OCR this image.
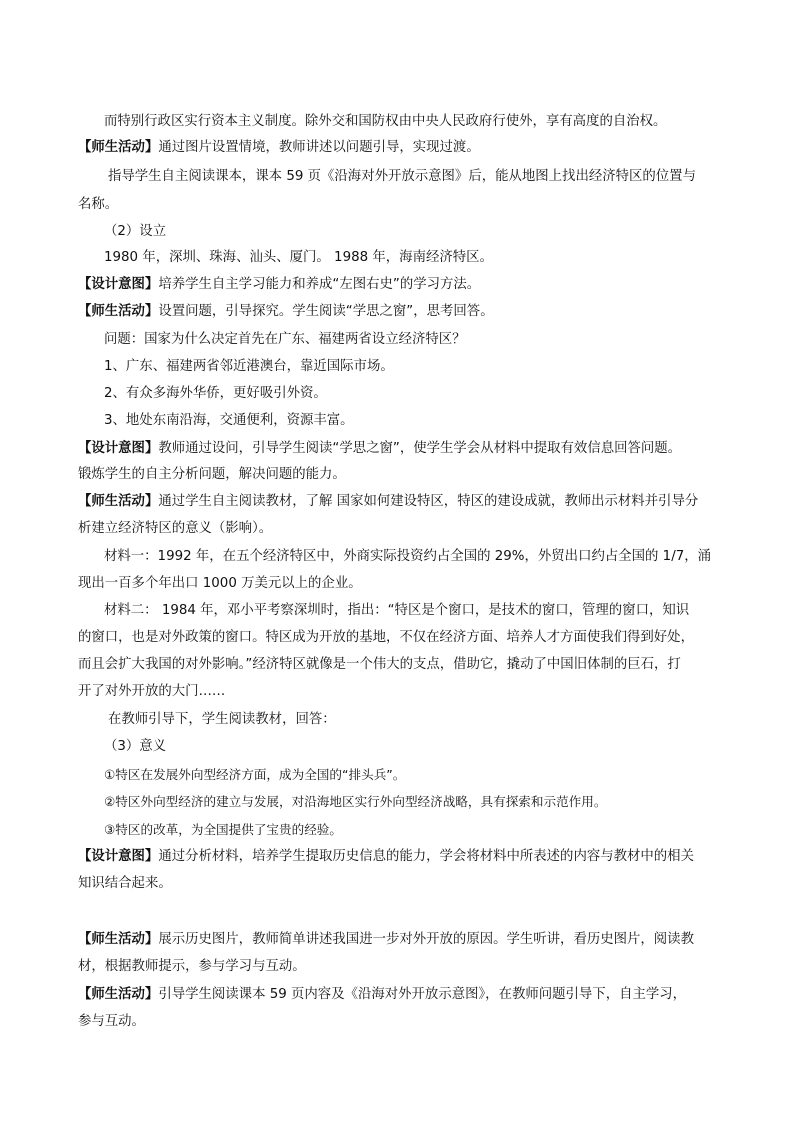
而特别行政区实行资本主义制度。除外交和国防权由中央人民政府行使外，享有高度的自治权。
【师生活动】通过图片设置情境，教师讲述以问题引导，实现过渡。
指导学生自主阅读课本，课本 59 页《沿海对外开放示意图》后，能从地图上找出经济特区的位置与
名称。
（2）设立
1980 年，深圳、珠海、汕头、厦门。 1988 年，海南经济特区。
【设计意图】培养学生自主学习能力和养成“左图右史”的学习方法。
【师生活动】设置问题，引导探究。学生阅读“学思之窗”，思考回答。
问题：国家为什么决定首先在广东、福建两省设立经济特区？
1、广东、福建两省邻近港澳台，靠近国际市场。
2、有众多海外华侨，更好吸引外资。
3、地处东南沿海，交通便利，资源丰富。
【设计意图】教师通过设问，引导学生阅读“学思之窗”，使学生学会从材料中提取有效信息回答问题。
锻炼学生的自主分析问题，解决问题的能力。
【师生活动】通过学生自主阅读教材，了解 国家如何建设特区，特区的建设成就，教师出示材料并引导分
析建立经济特区的意义（影响）。
材料一：1992 年，在五个经济特区中，外商实际投资约占全国的 29%，外贸出口约占全国的 1/7，涌
现出一百多个年出口 1000 万美元以上的企业。
材料二： 1984 年，邓小平考察深圳时，指出：“特区是个窗口，是技术的窗口，管理的窗口，知识
的窗口，也是对外政策的窗口。特区成为开放的基地，不仅在经济方面、培养人才方面使我们得到好处，
而且会扩大我国的对外影响。”经济特区就像是一个伟大的支点，借助它，撬动了中国旧体制的巨石，打
开了对外开放的大门……
在教师引导下，学生阅读教材，回答：
（3）意义
①特区在发展外向型经济方面，成为全国的“排头兵”。
②特区外向型经济的建立与发展，对沿海地区实行外向型经济战略，具有探索和示范作用。
③特区的改革，为全国提供了宝贵的经验。
【设计意图】通过分析材料，培养学生提取历史信息的能力，学会将材料中所表述的内容与教材中的相关
知识结合起来。
【师生活动】展示历史图片，教师简单讲述我国进一步对外开放的原因。学生听讲，看历史图片，阅读教
材，根据教师提示，参与学习与互动。
【师生活动】引导学生阅读课本 59 页内容及《沿海对外开放示意图》，在教师问题引导下，自主学习，
参与互动。
